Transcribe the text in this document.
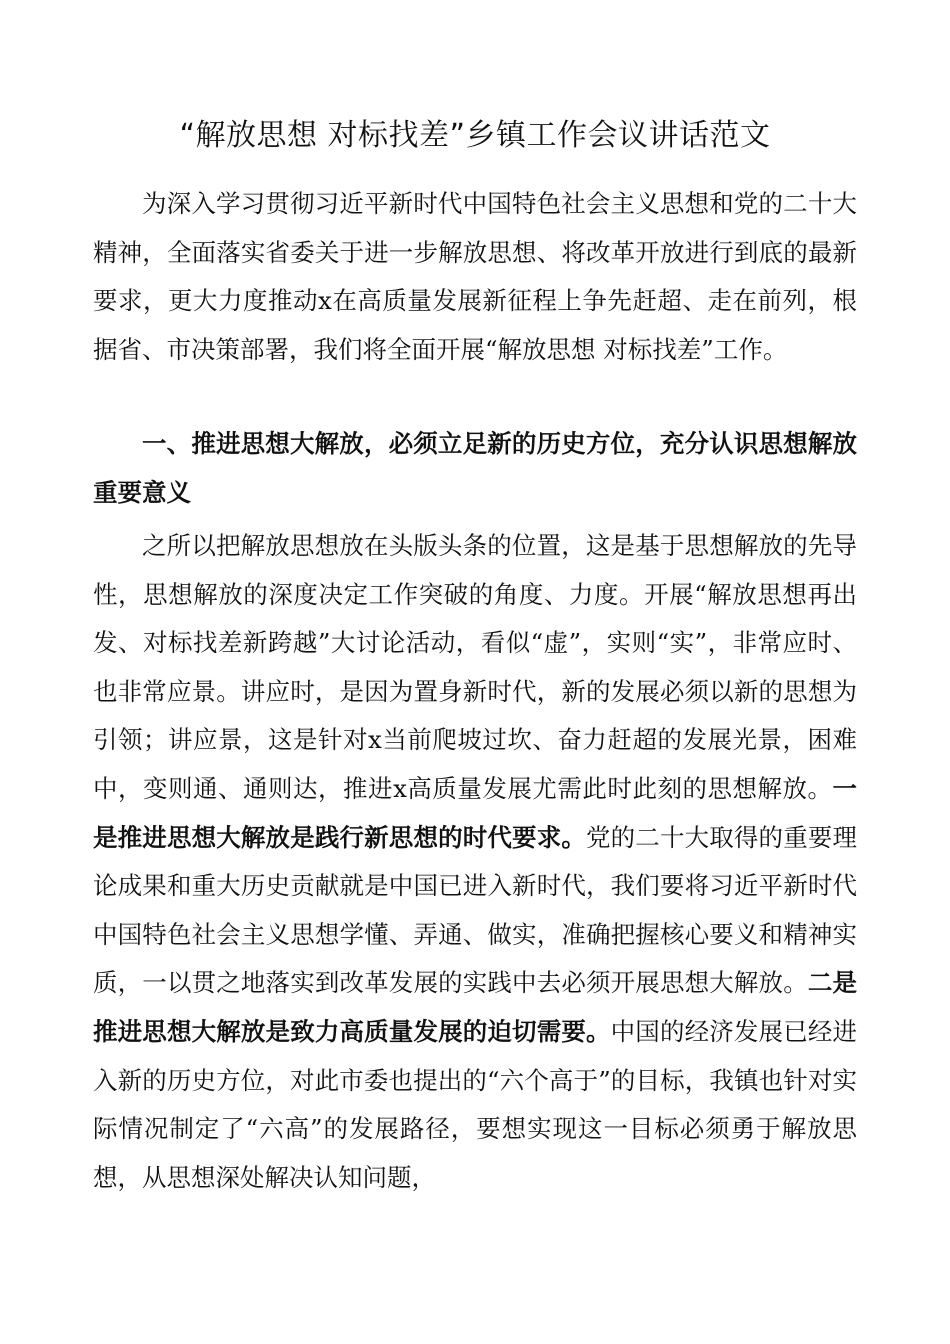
“解放思想 对标找差”乡镇工作会议讲话范文

为深入学习贯彻习近平新时代中国特色社会主义思想和党的二十大精神，全面落实省委关于进一步解放思想、将改革开放进行到底的最新要求，更大力度推动x在高质量发展新征程上争先赶超、走在前列，根据省、市决策部署，我们将全面开展“解放思想 对标找差”工作。

一、推进思想大解放，必须立足新的历史方位，充分认识思想解放重要意义

之所以把解放思想放在头版头条的位置，这是基于思想解放的先导性，思想解放的深度决定工作突破的角度、力度。开展“解放思想再出发、对标找差新跨越”大讨论活动，看似“虚”，实则“实”，非常应时、也非常应景。讲应时，是因为置身新时代，新的发展必须以新的思想为引领；讲应景，这是针对x当前爬坡过坎、奋力赶超的发展光景，困难中，变则通、通则达，推进x高质量发展尤需此时此刻的思想解放。一是推进思想大解放是践行新思想的时代要求。党的二十大取得的重要理论成果和重大历史贡献就是中国已进入新时代，我们要将习近平新时代中国特色社会主义思想学懂、弄通、做实，准确把握核心要义和精神实质，一以贯之地落实到改革发展的实践中去必须开展思想大解放。二是推进思想大解放是致力高质量发展的迫切需要。中国的经济发展已经进入新的历史方位，对此市委也提出的“六个高于”的目标，我镇也针对实际情况制定了“六高”的发展路径，要想实现这一目标必须勇于解放思想，从思想深处解决认知问题，
